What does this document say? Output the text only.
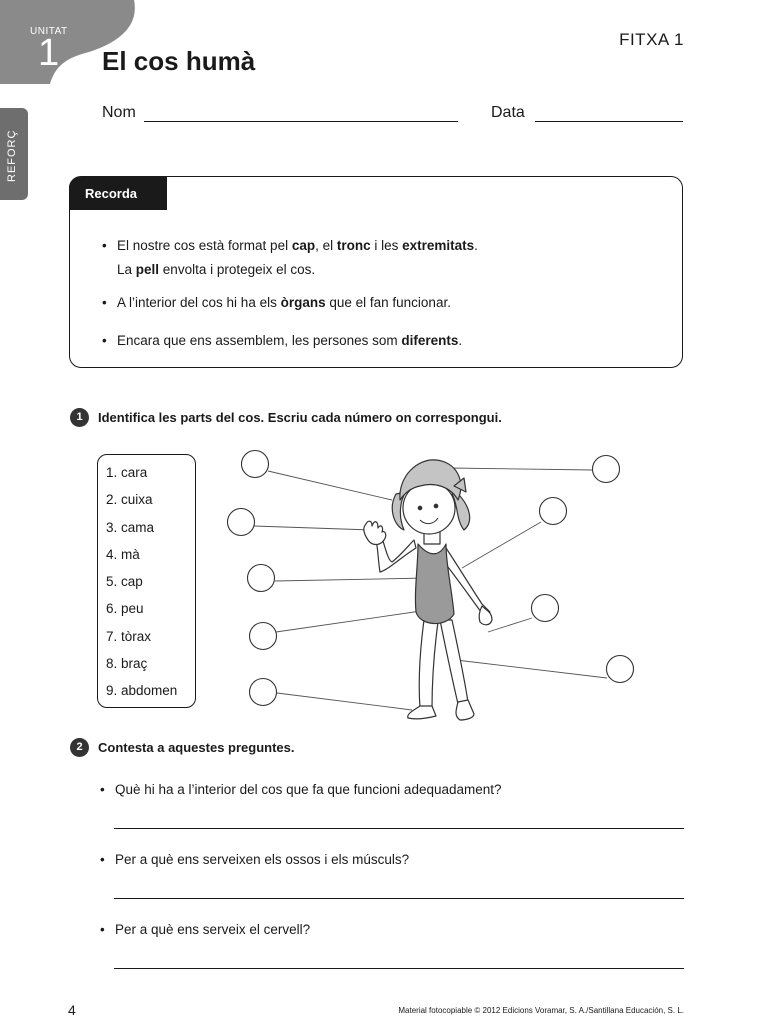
UNITAT
1	FITXA 1
El cos humà
REFORÇ
Nom	Data
Recorda
• El nostre cos està format pel cap, el tronc i les extremitats.
La pell envolta i protegeix el cos.
• A l’interior del cos hi ha els òrgans que el fan funcionar.
• Encara que ens assemblem, les persones som diferents.
1	Identifica les parts del cos. Escriu cada número on correspongui.
1. cara
2. cuixa
3. cama
4. mà
5. cap
6. peu
7. tòrax
8. braç
9. abdomen
2	Contesta a aquestes preguntes.
• Què hi ha a l’interior del cos que fa que funcioni adequadament?
• Per a què ens serveixen els ossos i els músculs?
• Per a què ens serveix el cervell?
4	Material fotocopiable © 2012 Edicions Voramar, S. A./Santillana Educación, S. L.
